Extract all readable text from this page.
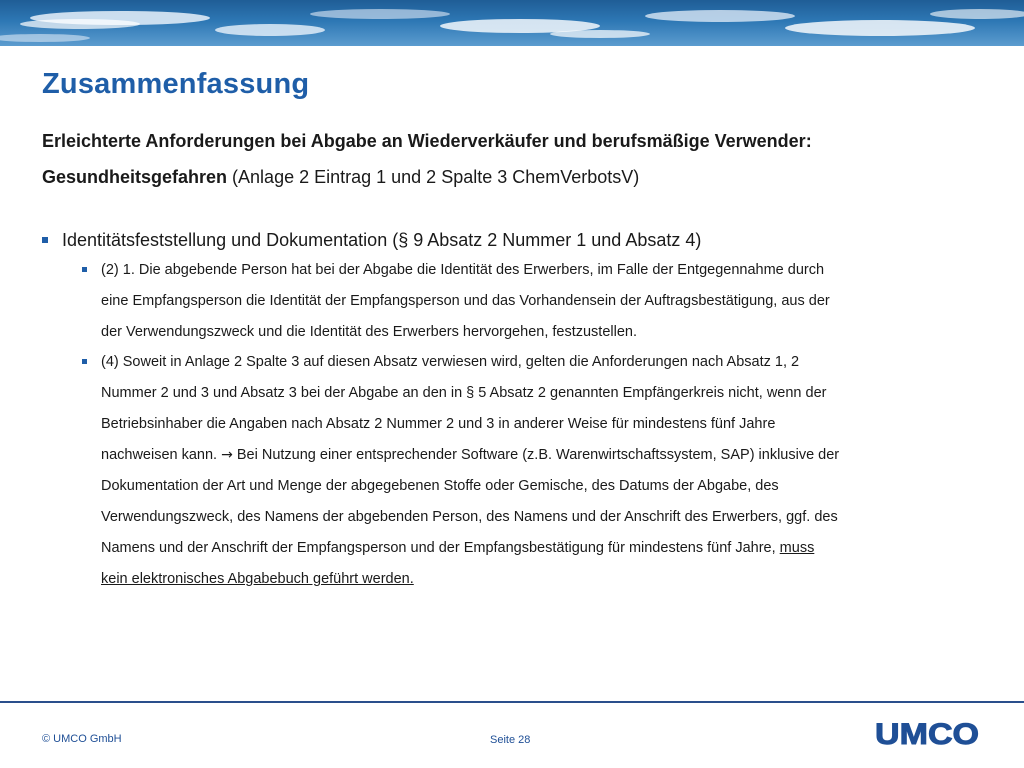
Zusammenfassung
Erleichterte Anforderungen bei Abgabe an Wiederverkäufer und berufsmäßige Verwender:
Gesundheitsgefahren (Anlage 2 Eintrag 1 und 2 Spalte 3 ChemVerbotsV)
Identitätsfeststellung und Dokumentation (§ 9 Absatz 2 Nummer 1 und Absatz 4)
(2) 1. Die abgebende Person hat bei der Abgabe die Identität des Erwerbers, im Falle der Entgegennahme durch
eine Empfangsperson die Identität der Empfangsperson und das Vorhandensein der Auftragsbestätigung, aus der
der Verwendungszweck und die Identität des Erwerbers hervorgehen, festzustellen.
(4) Soweit in Anlage 2 Spalte 3 auf diesen Absatz verwiesen wird, gelten die Anforderungen nach Absatz 1, 2
Nummer 2 und 3 und Absatz 3 bei der Abgabe an den in § 5 Absatz 2 genannten Empfängerkreis nicht, wenn der
Betriebsinhaber die Angaben nach Absatz 2 Nummer 2 und 3 in anderer Weise für mindestens fünf Jahre
nachweisen kann. → Bei Nutzung einer entsprechender Software (z.B. Warenwirtschaftssystem, SAP) inklusive der
Dokumentation der Art und Menge der abgegebenen Stoffe oder Gemische, des Datums der Abgabe, des
Verwendungszweck, des Namens der abgebenden Person, des Namens und der Anschrift des Erwerbers, ggf. des
Namens und der Anschrift der Empfangsperson und der Empfangsbestätigung für mindestens fünf Jahre, muss
kein elektronisches Abgabebuch geführt werden.
© UMCO GmbH	Seite 28	UMCO
